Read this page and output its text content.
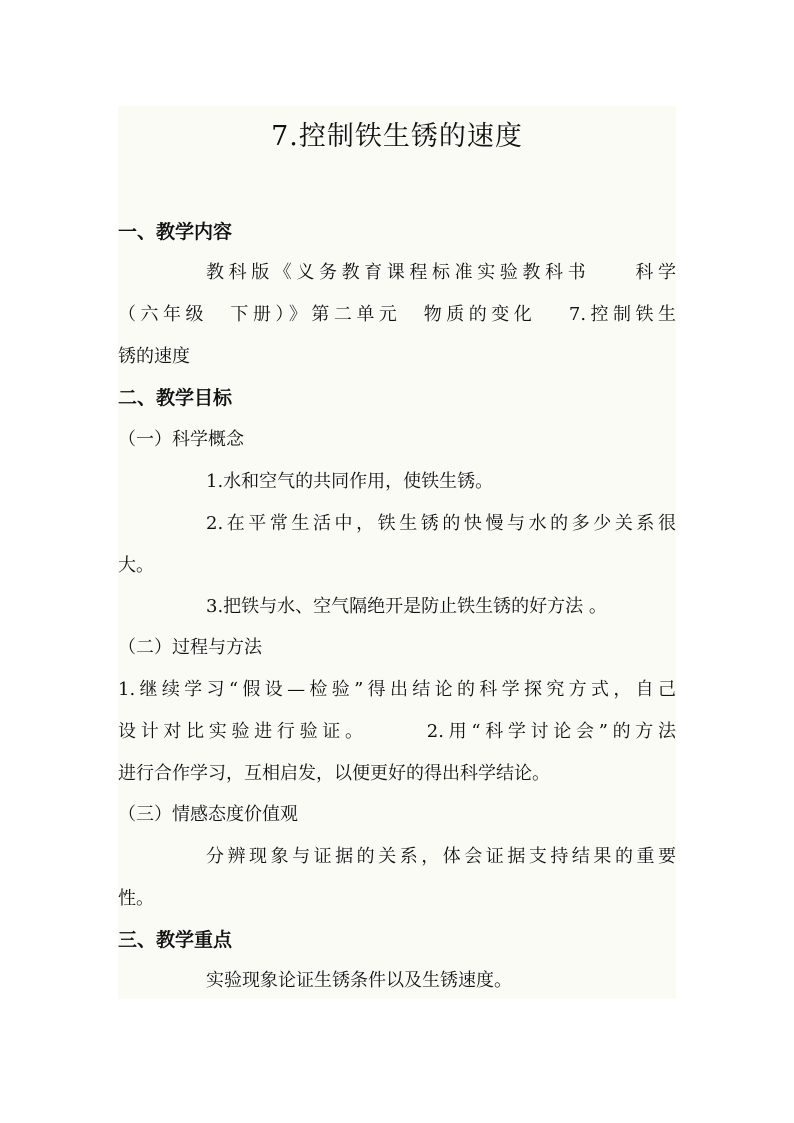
7.控制铁生锈的速度
一、教学内容
教科版《义务教育课程标准实验教科书　　科学
（六年级　下册）》第二单元　物质的变化　 7.控制铁生
锈的速度
二、教学目标
（一）科学概念
1.水和空气的共同作用，使铁生锈。
2.在平常生活中，铁生锈的快慢与水的多少关系很
大。
3.把铁与水、空气隔绝开是防止铁生锈的好方法 。
（二）过程与方法
1.继续学习“假设—检验”得出结论的科学探究方式，自己
设计对比实验进行验证。　　　2.用“科学讨论会”的方法
进行合作学习，互相启发，以便更好的得出科学结论。
（三）情感态度价值观
分辨现象与证据的关系，体会证据支持结果的重要
性。
三、教学重点
实验现象论证生锈条件以及生锈速度。
